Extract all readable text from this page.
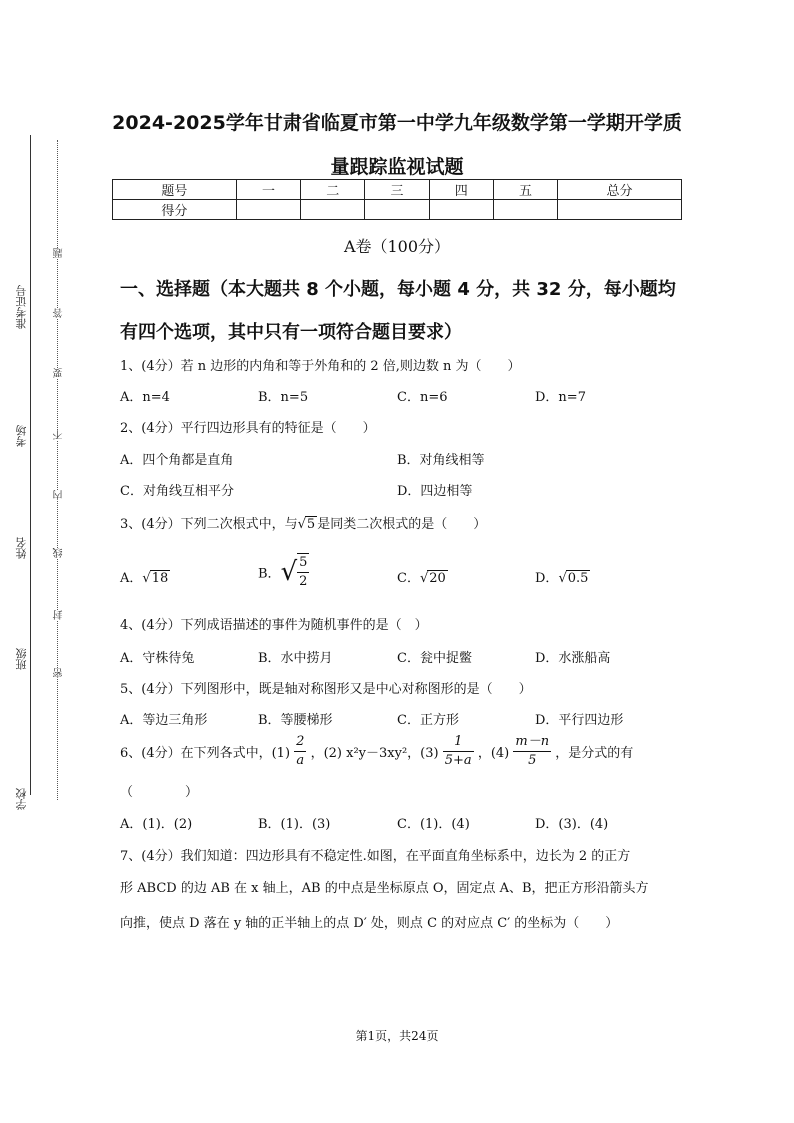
准考证号
考场
姓名
班级
学校
题
答
要
不
内
线
封
密
2024-2025学年甘肃省临夏市第一中学九年级数学第一学期开学质
量跟踪监视试题
题号	一	二	三	四	五	总分
得分						
A卷（100分）
一、选择题（本大题共 8 个小题，每小题 4 分，共 32 分，每小题均
有四个选项，其中只有一项符合题目要求）
1、(4分）若 n 边形的内角和等于外角和的 2 倍,则边数 n 为（　　）
A．n=4	B．n=5	C．n=6	D．n=7
2、(4分）平行四边形具有的特征是（　　）
A．四个角都是直角	B．对角线相等
C．对角线互相平分	D．四边相等
3、(4分）下列二次根式中，与√5 是同类二次根式的是（　　）
A．√18	B．√ $\frac{5}{2}$	C．√20	D．√0.5
4、(4分）下列成语描述的事件为随机事件的是（　）
A．守株待兔	B．水中捞月	C．瓮中捉鳖	D．水涨船高
5、(4分）下列图形中，既是轴对称图形又是中心对称图形的是（　　）
A．等边三角形	B．等腰梯形	C．正方形	D．平行四边形
6、(4分）在下列各式中，$(1) \frac{2}{a}$ ，(2) x²y－3xy²，$(3) \frac{1}{5+a}$ ，$(4) \frac{m-n}{5}$ ，是分式的有
（　　　　）
A．(1)．(2)	B．(1)．(3)	C．(1)．(4)	D．(3)．(4)
7、(4分）我们知道：四边形具有不稳定性.如图，在平面直角坐标系中，边长为 2 的正方
形 ABCD 的边 AB 在 x 轴上，AB 的中点是坐标原点 O，固定点 A、B，把正方形沿箭头方
向推，使点 D 落在 y 轴的正半轴上的点 D′ 处，则点 C 的对应点 C′ 的坐标为（　　）
第1页，共24页
